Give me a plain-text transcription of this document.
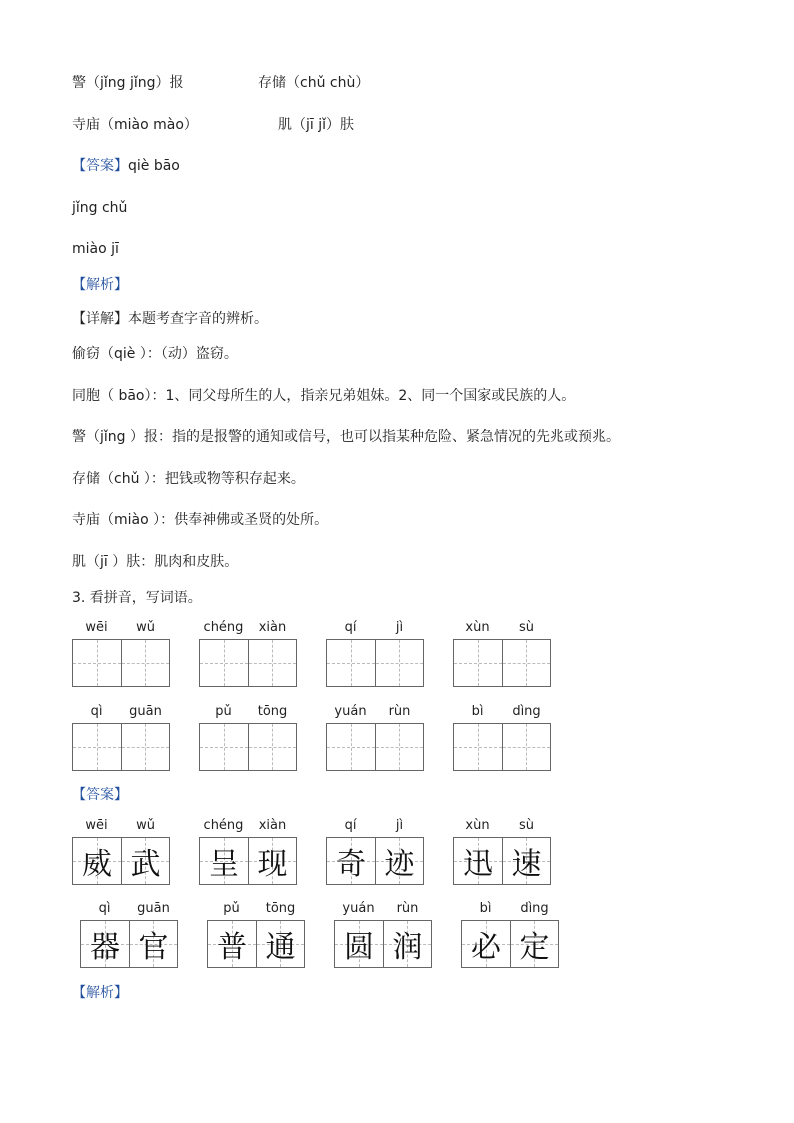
警（jǐng jǐng）报	存储（chǔ chù）
寺庙（miào mào）	肌（jī jǐ）肤
【答案】 qiè bāo
jǐng chǔ
miào jī
【解析】
【详解】 本题考查字音的辨析。
偷窃（qiè ）：（动）盗窃。
同胞（ bāo）：1、同父母所生的人，指亲兄弟姐妹。2、同一个国家或民族的人。
警（jǐng ）报：指的是报警的通知或信号，也可以指某种危险、紧急情况的先兆或预兆。
存储（chǔ ）：把钱或物等积存起来。
寺庙（miào ）：供奉神佛或圣贤的处所。
肌（jī ）肤：肌肉和皮肤。
3. 看拼音，写词语。
wēi	wǔ	chéng	xiàn	qí	jì	xùn	sù
qì	guān	pǔ	tōng	yuán	rùn	bì	dìng
【答案】
wēi	wǔ
威 武
chéng	xiàn
呈 现
qí	jì
奇 迹
xùn	sù
迅 速
qì	guān
器 官
pǔ	tōng
普 通
yuán	rùn
圆 润
bì	dìng
必 定
【解析】
